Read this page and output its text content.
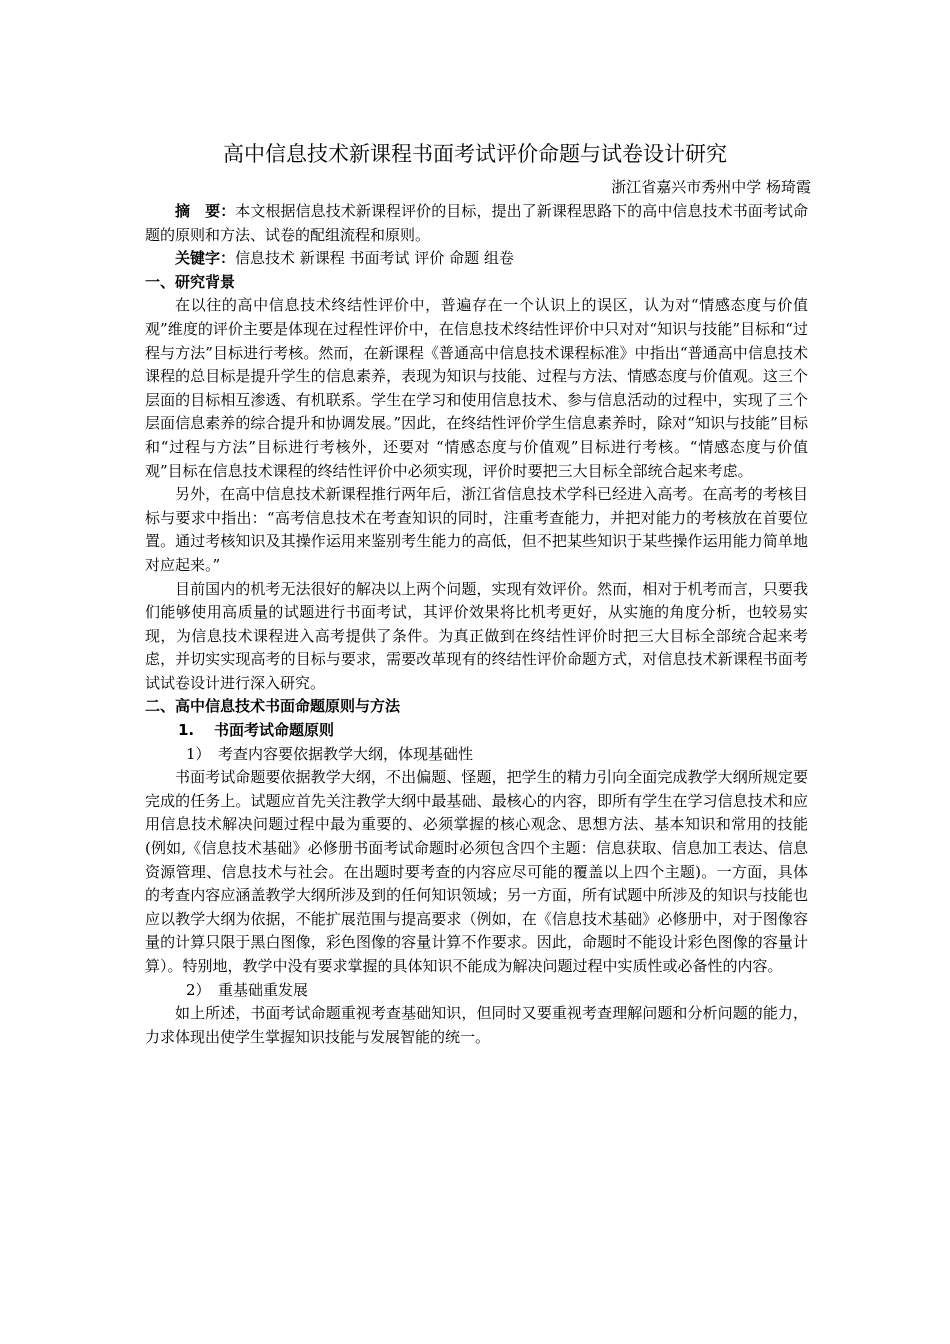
高中信息技术新课程书面考试评价命题与试卷设计研究
浙江省嘉兴市秀州中学 杨琦霞

摘　要：本文根据信息技术新课程评价的目标，提出了新课程思路下的高中信息技术书面考试命题的原则和方法、试卷的配组流程和原则。

关键字：信息技术 新课程 书面考试 评价 命题 组卷

一、研究背景

在以往的高中信息技术终结性评价中，普遍存在一个认识上的误区，认为对“情感态度与价值观”维度的评价主要是体现在过程性评价中，在信息技术终结性评价中只对对“知识与技能”目标和“过程与方法”目标进行考核。然而，在新课程《普通高中信息技术课程标准》中指出“普通高中信息技术课程的总目标是提升学生的信息素养，表现为知识与技能、过程与方法、情感态度与价值观。这三个层面的目标相互渗透、有机联系。学生在学习和使用信息技术、参与信息活动的过程中，实现了三个层面信息素养的综合提升和协调发展。”因此，在终结性评价学生信息素养时，除对“知识与技能”目标和“过程与方法”目标进行考核外，还要对 “情感态度与价值观”目标进行考核。“情感态度与价值观”目标在信息技术课程的终结性评价中必须实现，评价时要把三大目标全部统合起来考虑。

另外，在高中信息技术新课程推行两年后，浙江省信息技术学科已经进入高考。在高考的考核目标与要求中指出：“高考信息技术在考查知识的同时，注重考查能力，并把对能力的考核放在首要位置。通过考核知识及其操作运用来鉴别考生能力的高低，但不把某些知识于某些操作运用能力简单地对应起来。”

目前国内的机考无法很好的解决以上两个问题，实现有效评价。然而，相对于机考而言，只要我们能够使用高质量的试题进行书面考试，其评价效果将比机考更好，从实施的角度分析，也较易实现，为信息技术课程进入高考提供了条件。为真正做到在终结性评价时把三大目标全部统合起来考虑，并切实实现高考的目标与要求，需要改革现有的终结性评价命题方式，对信息技术新课程书面考试试卷设计进行深入研究。

二、高中信息技术书面命题原则与方法
1. 书面考试命题原则
1） 考查内容要依据教学大纲，体现基础性

书面考试命题要依据教学大纲，不出偏题、怪题，把学生的精力引向全面完成教学大纲所规定要完成的任务上。试题应首先关注教学大纲中最基础、最核心的内容，即所有学生在学习信息技术和应用信息技术解决问题过程中最为重要的、必须掌握的核心观念、思想方法、基本知识和常用的技能(例如,《信息技术基础》必修册书面考试命题时必须包含四个主题：信息获取、信息加工表达、信息资源管理、信息技术与社会。在出题时要考查的内容应尽可能的覆盖以上四个主题)。一方面，具体的考查内容应涵盖教学大纲所涉及到的任何知识领域；另一方面，所有试题中所涉及的知识与技能也应以教学大纲为依据，不能扩展范围与提高要求（例如，在《信息技术基础》必修册中，对于图像容量的计算只限于黑白图像，彩色图像的容量计算不作要求。因此，命题时不能设计彩色图像的容量计算）。特别地，教学中没有要求掌握的具体知识不能成为解决问题过程中实质性或必备性的内容。

2） 重基础重发展

如上所述，书面考试命题重视考查基础知识，但同时又要重视考查理解问题和分析问题的能力，力求体现出使学生掌握知识技能与发展智能的统一。
